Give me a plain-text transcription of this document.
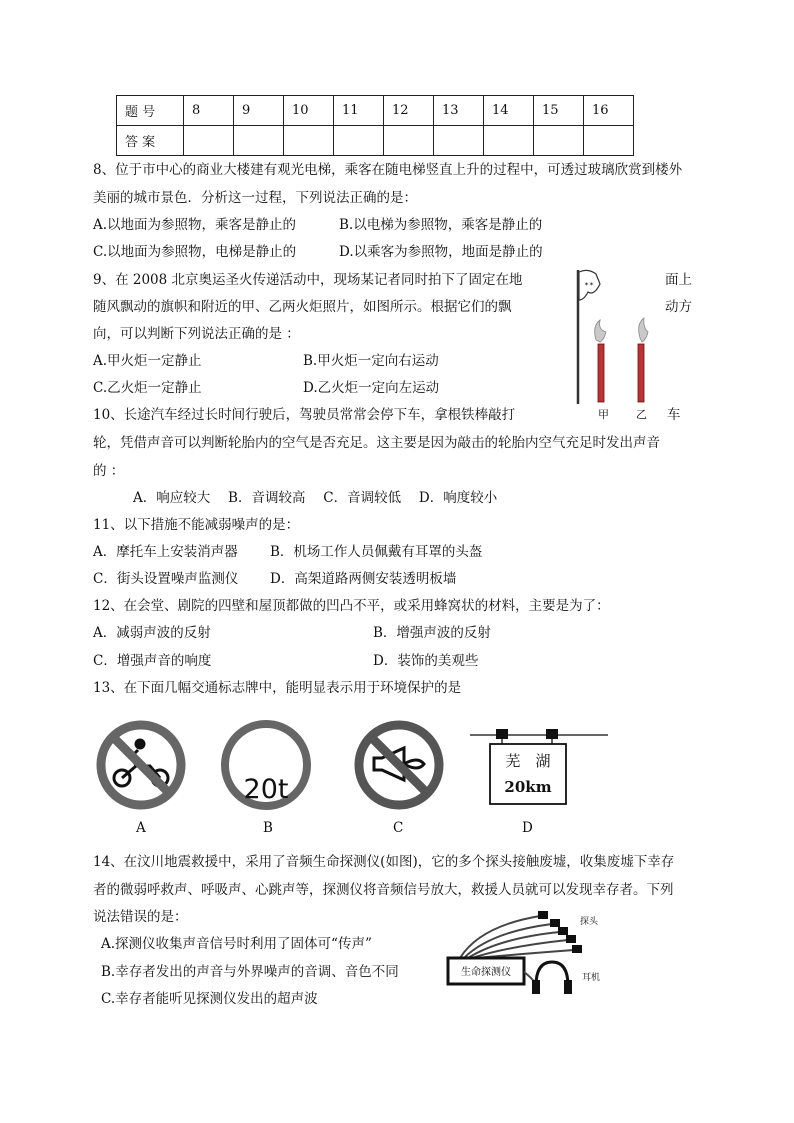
题 号	8	9	10	11	12	13	14	15	16
答 案									
8、位于市中心的商业大楼建有观光电梯，乘客在随电梯竖直上升的过程中，可透过玻璃欣赏到楼外
美丽的城市景色．分析这一过程，下列说法正确的是：
A.以地面为参照物，乘客是静止的	B.以电梯为参照物，乘客是静止的
C.以地面为参照物，电梯是静止的	D.以乘客为参照物，地面是静止的
9、在 2008 北京奥运圣火传递活动中，现场某记者同时拍下了固定在地	面上
随风飘动的旗帜和附近的甲、乙两火炬照片，如图所示。根据它们的飘	动方
向，可以判断下列说法正确的是 ：
A.甲火炬一定静止	B.甲火炬一定向右运动
C.乙火炬一定静止	D.乙火炬一定向左运动
✶✶
甲 乙
10、长途汽车经过长时间行驶后，驾驶员常常会停下车，拿根铁棒敲打	车
轮，凭借声音可以判断轮胎内的空气是否充足。这主要是因为敲击的轮胎内空气充足时发出声音
的 ：
A．响应较大　 B．音调较高　 C．音调较低　 D．响度较小
11、以下措施不能减弱噪声的是：
A．摩托车上安装消声器 B．机场工作人员佩戴有耳罩的头盔
C．街头设置噪声监测仪 D．高架道路两侧安装透明板墙
12、在会堂、剧院的四壁和屋顶都做的凹凸不平，或采用蜂窝状的材料，主要是为了：
A．减弱声波的反射	B．增强声波的反射
C．增强声音的响度	D．装饰的美观些
13、在下面几幅交通标志牌中，能明显表示用于环境保护的是
A
20t
B	C
芜　湖
20km
D
14、在汶川地震救援中，采用了音频生命探测仪(如图)，它的多个探头接触废墟，收集废墟下幸存
者的微弱呼救声、呼吸声、心跳声等，探测仪将音频信号放大，救援人员就可以发现幸存者。下列
说法错误的是：
A.探测仪收集声音信号时利用了固体可“传声”
B.幸存者发出的声音与外界噪声的音调、音色不同
C.幸存者能听见探测仪发出的超声波
探头
生命探测仪	耳机
